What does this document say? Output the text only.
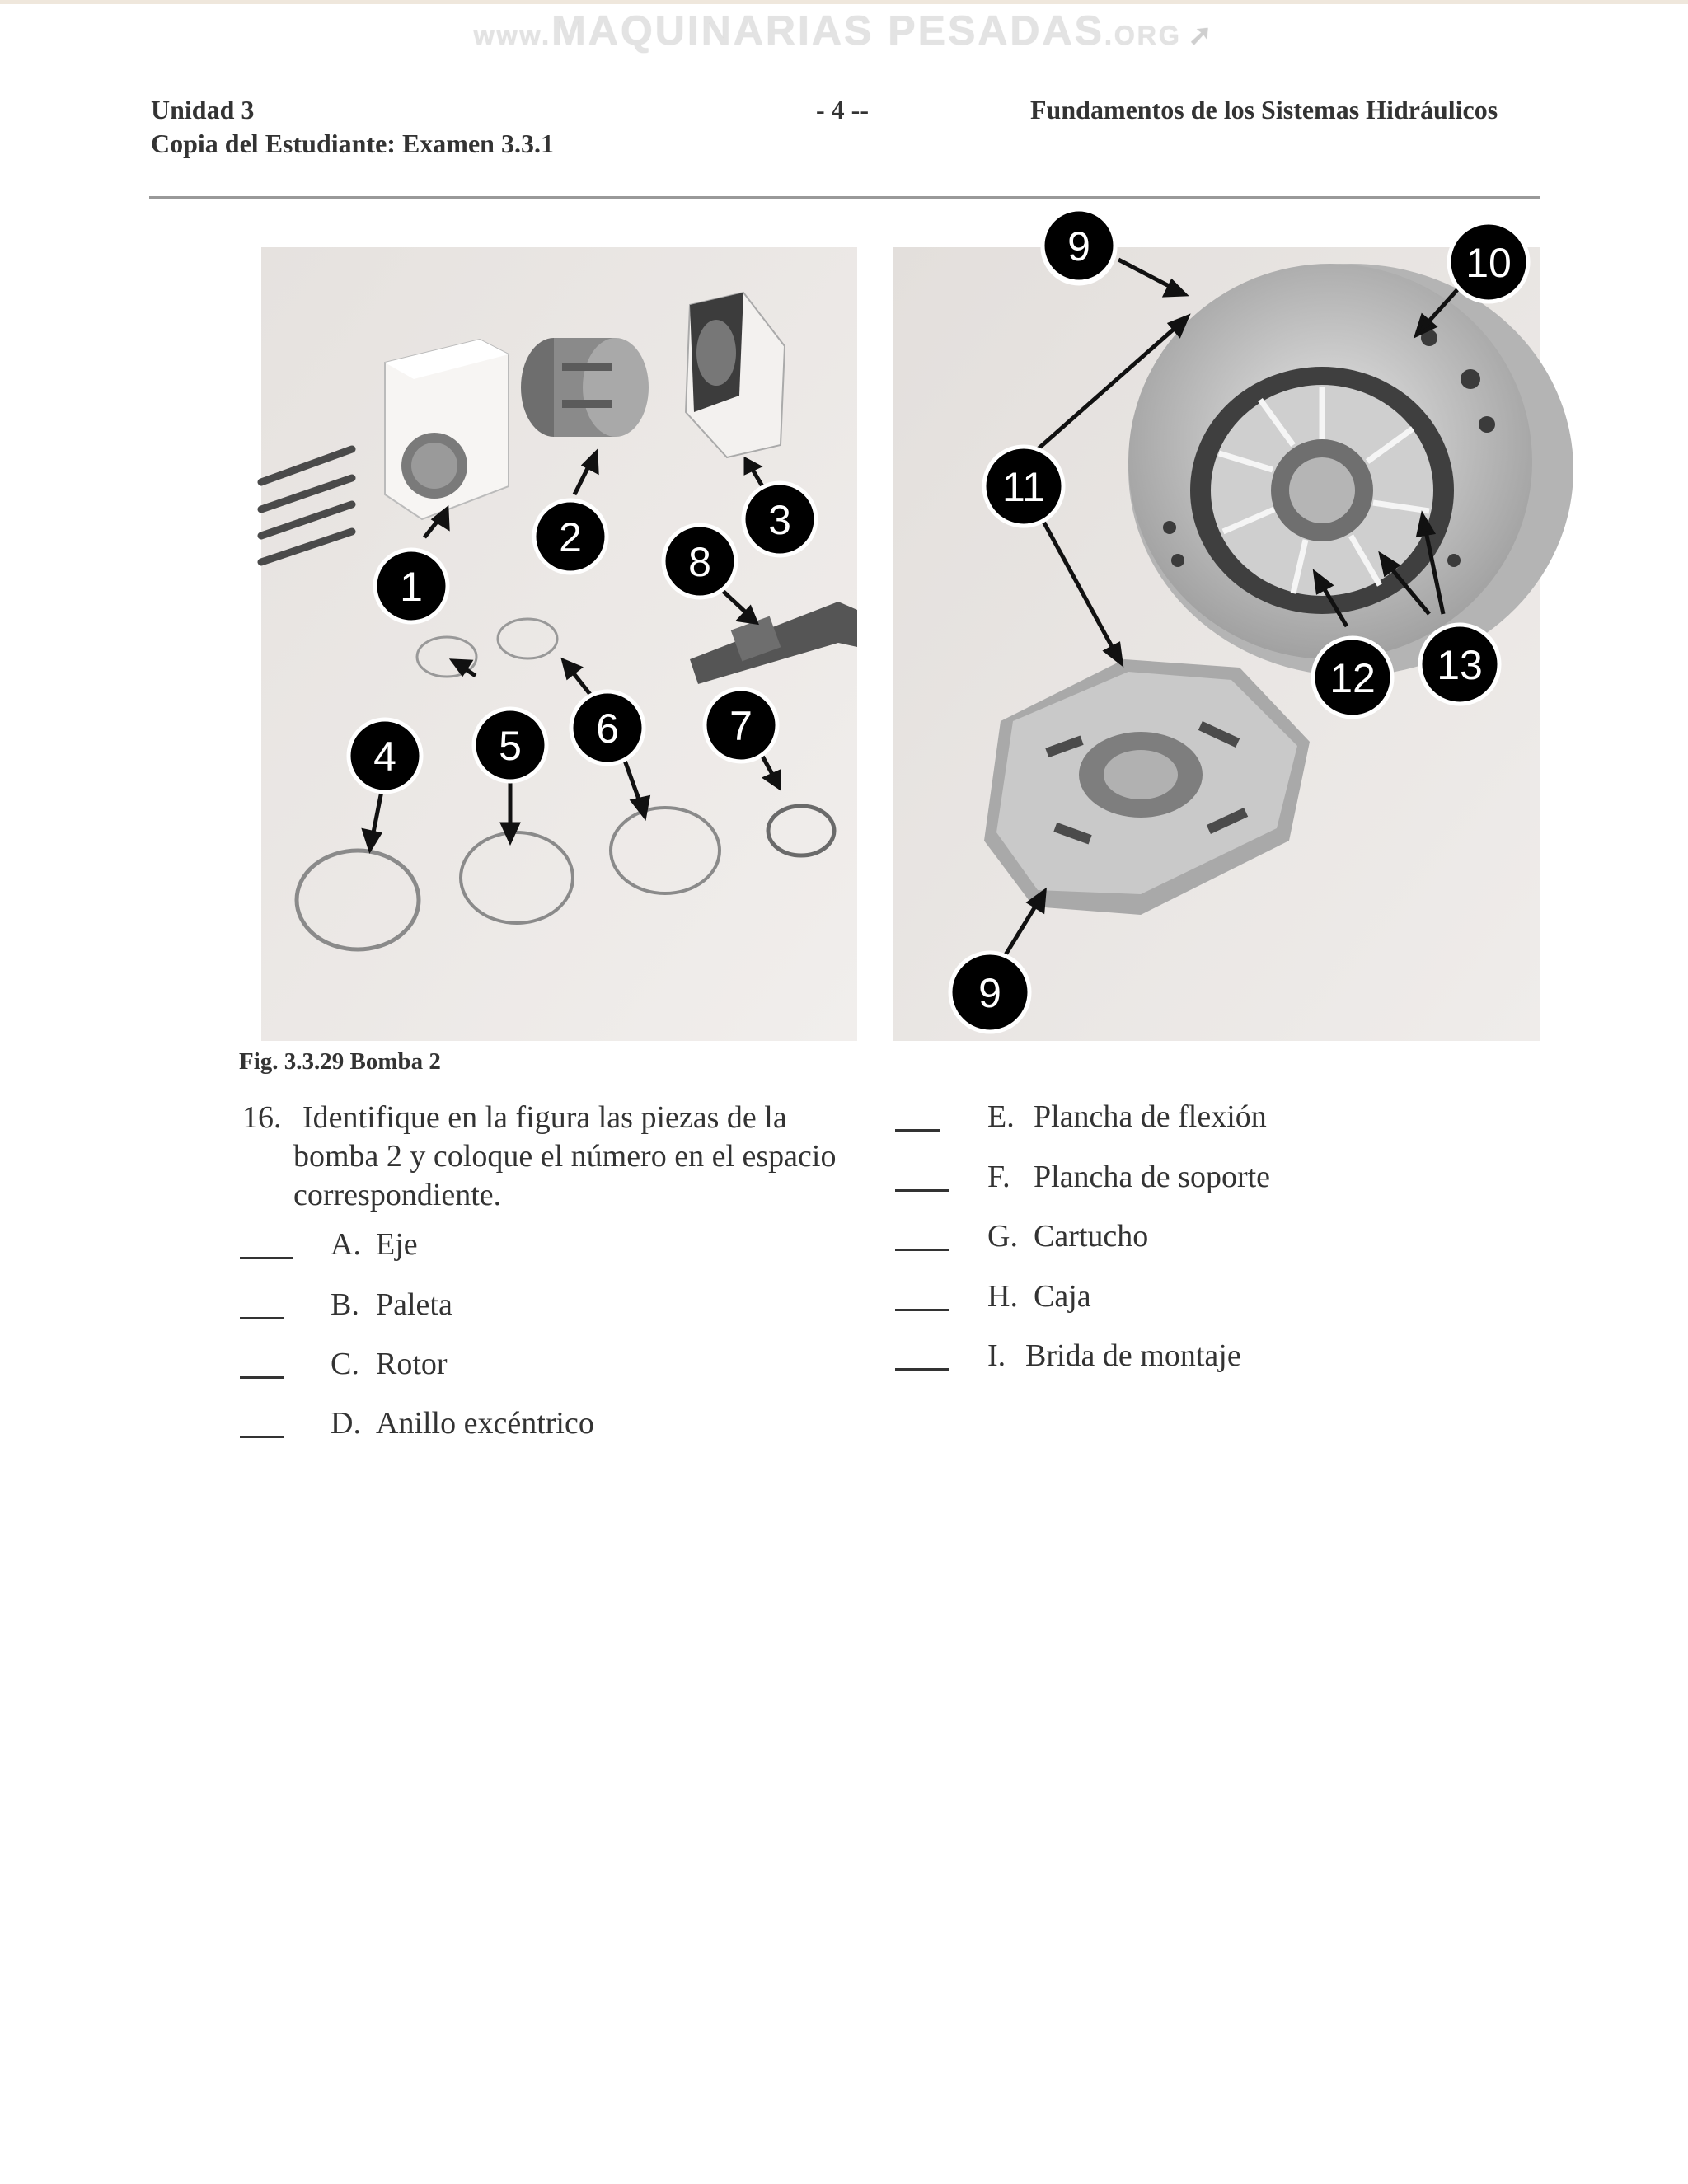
www.MAQUINARIAS PESADAS.ORG ➚
Unidad 3	- 4 --	Fundamentos de los Sistemas Hidráulicos
Copia del Estudiante: Examen 3.3.1
1
2	3
4 5 6	7
8
9	10
11
12 13
9
Fig. 3.3.29 Bomba 2
16. Identifique en la figura las piezas de la
bomba 2 y coloque el número en el espacio
correspondiente.
A. Eje
B. Paleta
C. Rotor
D. Anillo excéntrico
E. Plancha de flexión
F. Plancha de soporte
G. Cartucho
H. Caja
I. Brida de montaje
